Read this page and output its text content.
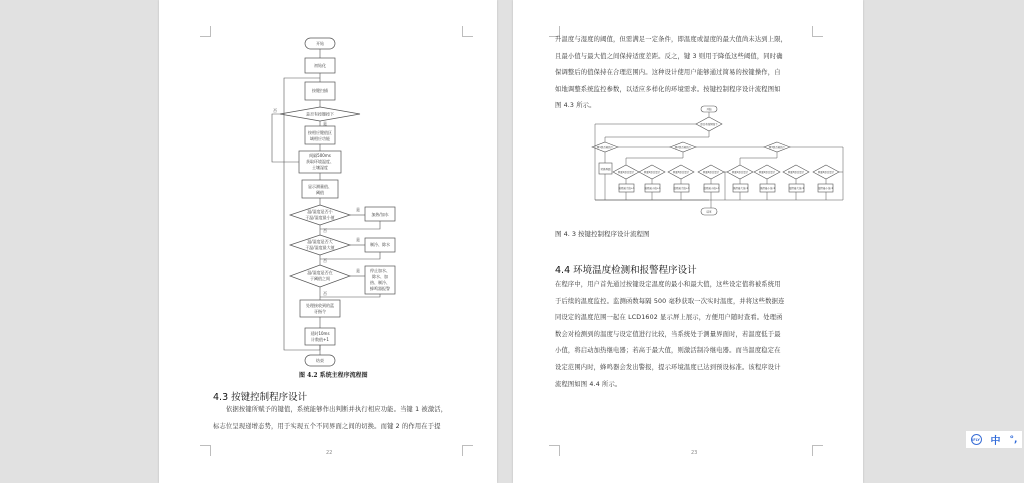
开始
初始化
按键扫描
是否有按键按下
按相应键值区
域相应功能
间隔500ms
获取环境温度、
土壤湿度
显示测量值、
阈值
温/湿度是否小
于温/湿度最小值
加热/加水
温/湿度是否大
于温/湿度最大值
制冷、除水
温/湿度是否在
于阈值之间
停止加水、
除水、加
热、制冷、
蜂鸣器报警
处理接收到的蓝
牙指令
延时10ms
计数值+1
结束
是
是
是
是
否
否
否
否
图 4.2 系统主程序流程图
4.3 按键控制程序设计
依据按键所赋予的键值，系统能够作出判断并执行相应功能。当键 1 被激活，
标志位呈现递增态势，用于实现五个不同界面之间的切换。而键 2 的作用在于提
22
升温度与湿度的阈值，但需满足一定条件，即温度或湿度的最大值尚未达到上限，
且最小值与最大值之间保持适度差距。反之，键 3 则用于降低这些阈值，同时确
保调整后的值保持在合理范围内。这种设计使用户能够通过简易的按键操作，自
如地调整系统监控参数，以适应多样化的环境需求。按键控制程序设计流程图如
图 4.3 所示。
开始
是否有按键按下
键1是否被按下	键2是否被按下	键3是否被按下
切换界面
界面1是否显示	界面2是否显示	界面3是否显示	界面4是否显示	界面1是否显示	界面2是否显示	界面3是否显示	界面4是否显示
温度最大值+1	温度最小值+1	湿度最大值+1	湿度最小值+1	温度最大值-1	温度最小值-1	湿度最大值-1	湿度最小值-1
结束
图 4. 3 按键控制程序设计流程图
4.4 环境温度检测和报警程序设计
在程序中，用户首先通过按键设定温度的最小和最大值，这些设定值将被系统用
于后续的温度监控。监测函数每隔 500 毫秒获取一次实时温度，并将这些数据连
同设定的温度范围一起在 LCD1602 显示屏上展示，方便用户随时查看。处理函
数会对检测到的温度与设定值进行比较，当系统处于测量界面时，若温度低于最
小值，将启动加热继电器；若高于最大值，则激活制冷继电器。而当温度稳定在
设定范围内时，蜂鸣器会发出警报，提示环境温度已达到预设标准。该程序设计
流程图如图 4.4 所示。
23
iFLY 中 °,
